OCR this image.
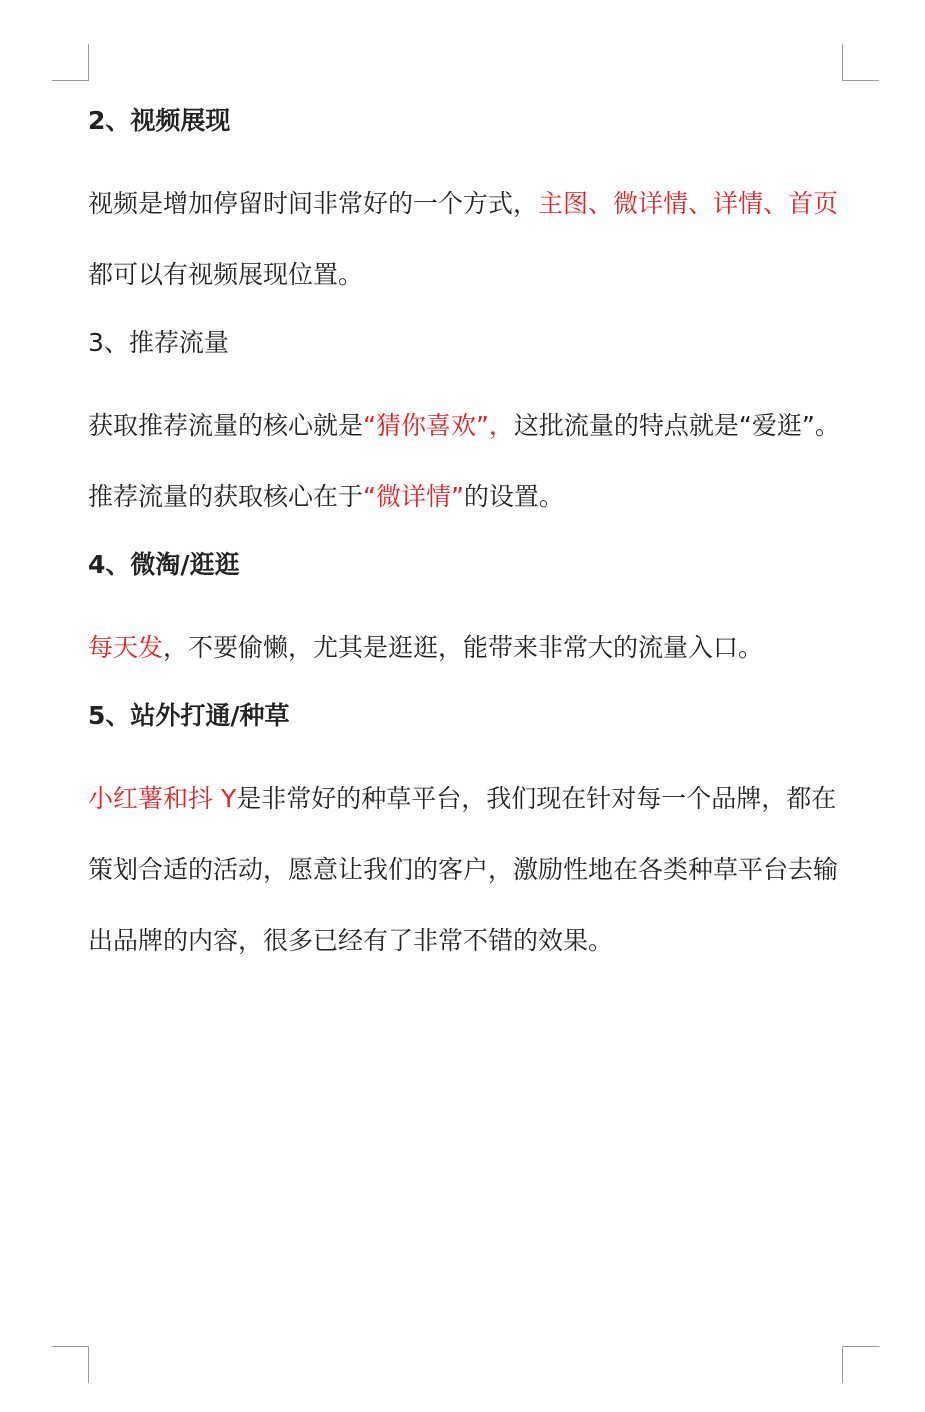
2、视频展现

视频是增加停留时间非常好的一个方式，主图、微详情、详情、首页都可以有视频展现位置。

3、推荐流量

获取推荐流量的核心就是“猜你喜欢”，这批流量的特点就是“爱逛”。推荐流量的获取核心在于“微详情”的设置。

4、微淘/逛逛

每天发，不要偷懒，尤其是逛逛，能带来非常大的流量入口。

5、站外打通/种草

小红薯和抖 Y是非常好的种草平台，我们现在针对每一个品牌，都在策划合适的活动，愿意让我们的客户，激励性地在各类种草平台去输出品牌的内容，很多已经有了非常不错的效果。
